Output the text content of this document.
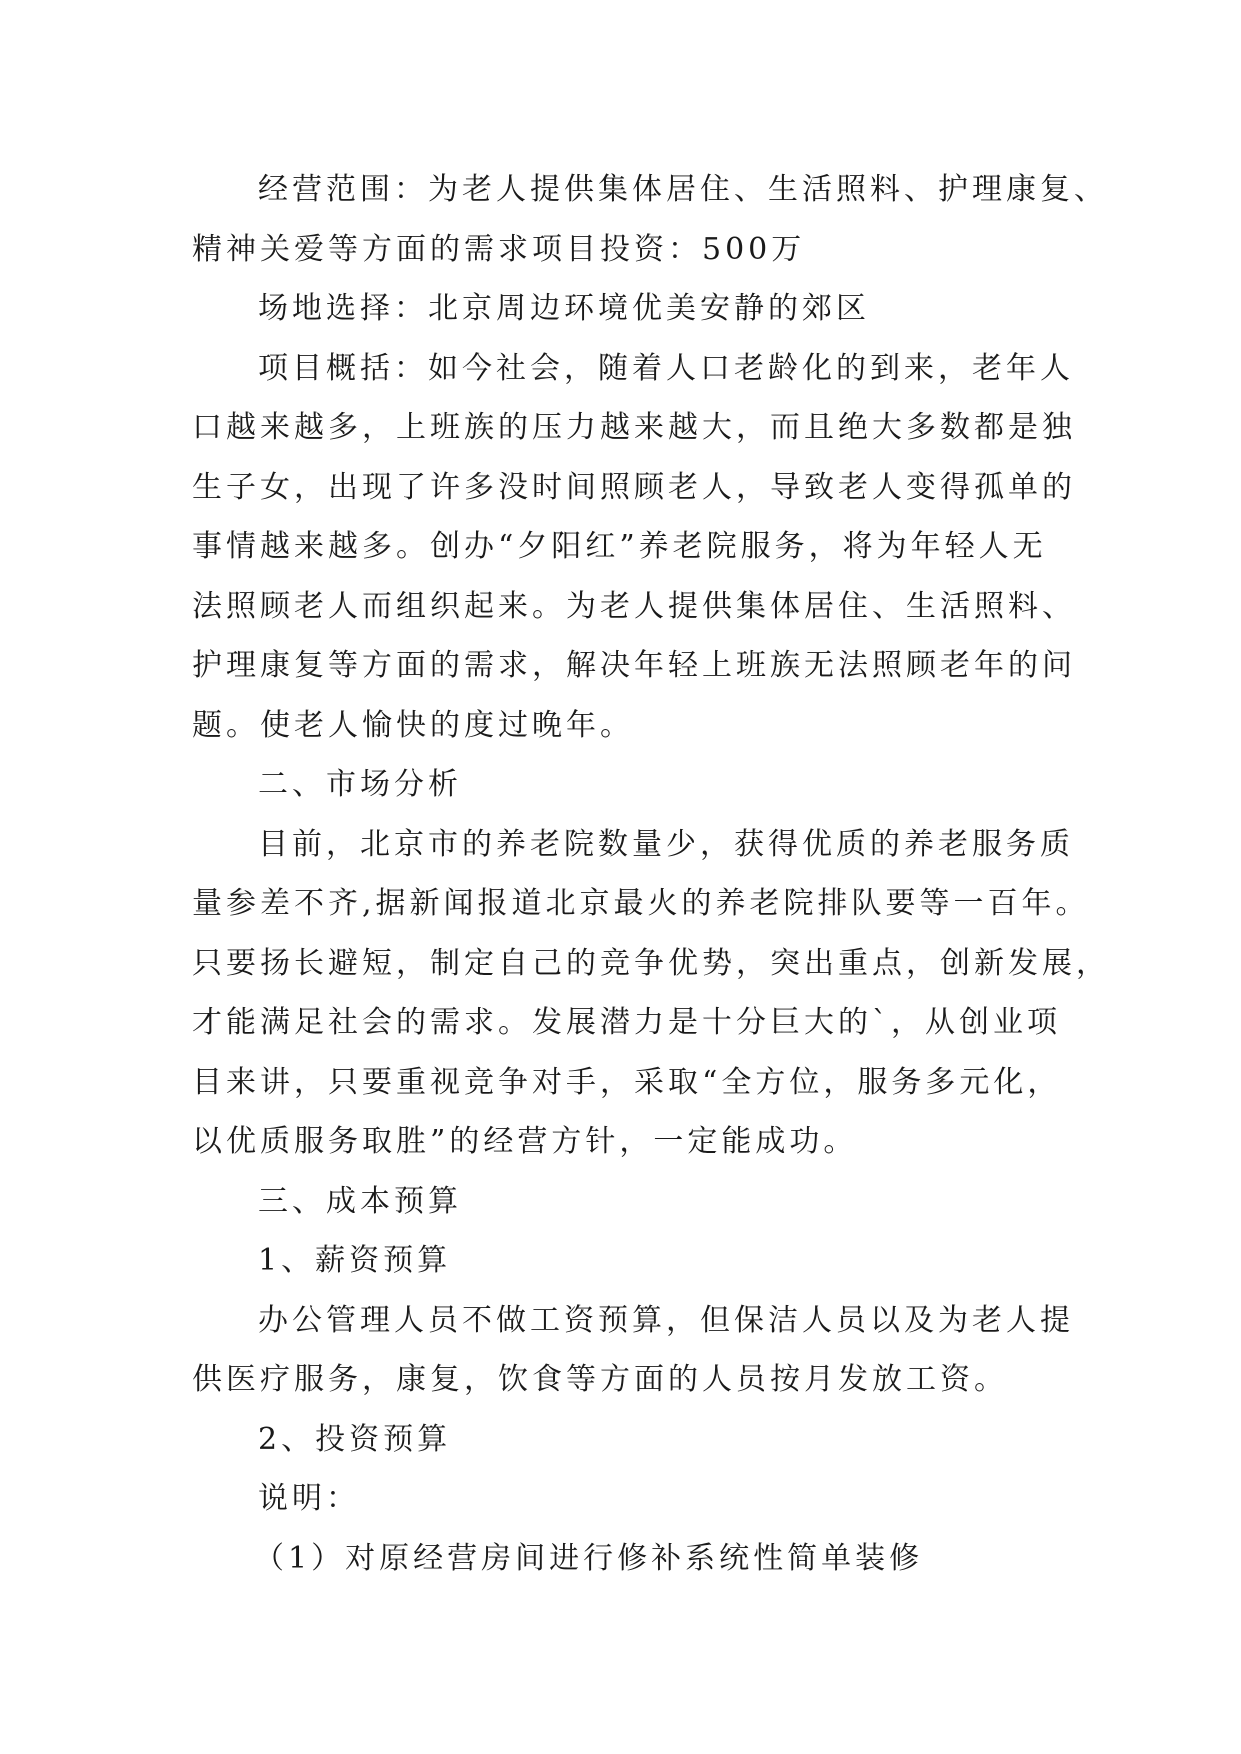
经营范围：为老人提供集体居住、生活照料、护理康复、
精神关爱等方面的需求项目投资：500万
场地选择：北京周边环境优美安静的郊区
项目概括：如今社会，随着人口老龄化的到来，老年人
口越来越多，上班族的压力越来越大，而且绝大多数都是独
生子女，出现了许多没时间照顾老人，导致老人变得孤单的
事情越来越多。创办“夕阳红”养老院服务，将为年轻人无
法照顾老人而组织起来。为老人提供集体居住、生活照料、
护理康复等方面的需求，解决年轻上班族无法照顾老年的问
题。使老人愉快的度过晚年。
二、市场分析
目前，北京市的养老院数量少，获得优质的养老服务质
量参差不齐,据新闻报道北京最火的养老院排队要等一百年。
只要扬长避短，制定自己的竞争优势，突出重点，创新发展，
才能满足社会的需求。发展潜力是十分巨大的`，从创业项
目来讲，只要重视竞争对手，采取“全方位，服务多元化，
以优质服务取胜”的经营方针，一定能成功。
三、成本预算
1、薪资预算
办公管理人员不做工资预算，但保洁人员以及为老人提
供医疗服务，康复，饮食等方面的人员按月发放工资。
2、投资预算
说明：
（1）对原经营房间进行修补系统性简单装修
